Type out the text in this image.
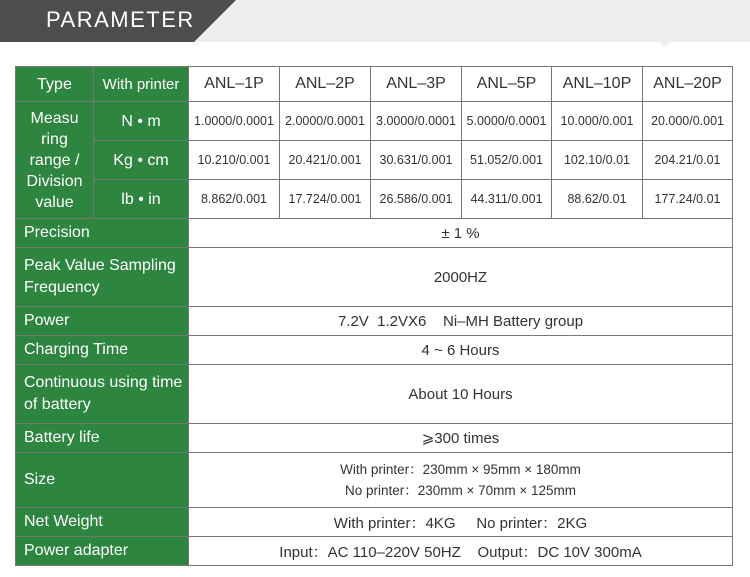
PARAMETER
Type	With printer	ANL–1P	ANL–2P	ANL–3P	ANL–5P	ANL–10P	ANL–20P
Measu ring range / Division value	N • m	1.0000/0.0001	2.0000/0.0001	3.0000/0.0001	5.0000/0.0001	10.000/0.001	20.000/0.001
	Kg • cm	10.210/0.001	20.421/0.001	30.631/0.001	51.052/0.001	102.10/0.01	204.21/0.01
	lb • in	8.862/0.001	17.724/0.001	26.586/0.001	44.311/0.001	88.62/0.01	177.24/0.01
Precision		± 1 %					
Peak Value Sampling Frequency		2000HZ					
Power		7.2V  1.2VX6    Ni–MH Battery group					
Charging Time		4 ~ 6 Hours					
Continuous using time of battery		About 10 Hours					
Battery life		⩾300 times					
Size		With printer：230mm × 95mm × 180mm
No printer：230mm × 70mm × 125mm					

Net Weight		With printer：4KG     No printer：2KG					
Power adapter		Input：AC 110–220V 50HZ    Output：DC 10V 300mA					
